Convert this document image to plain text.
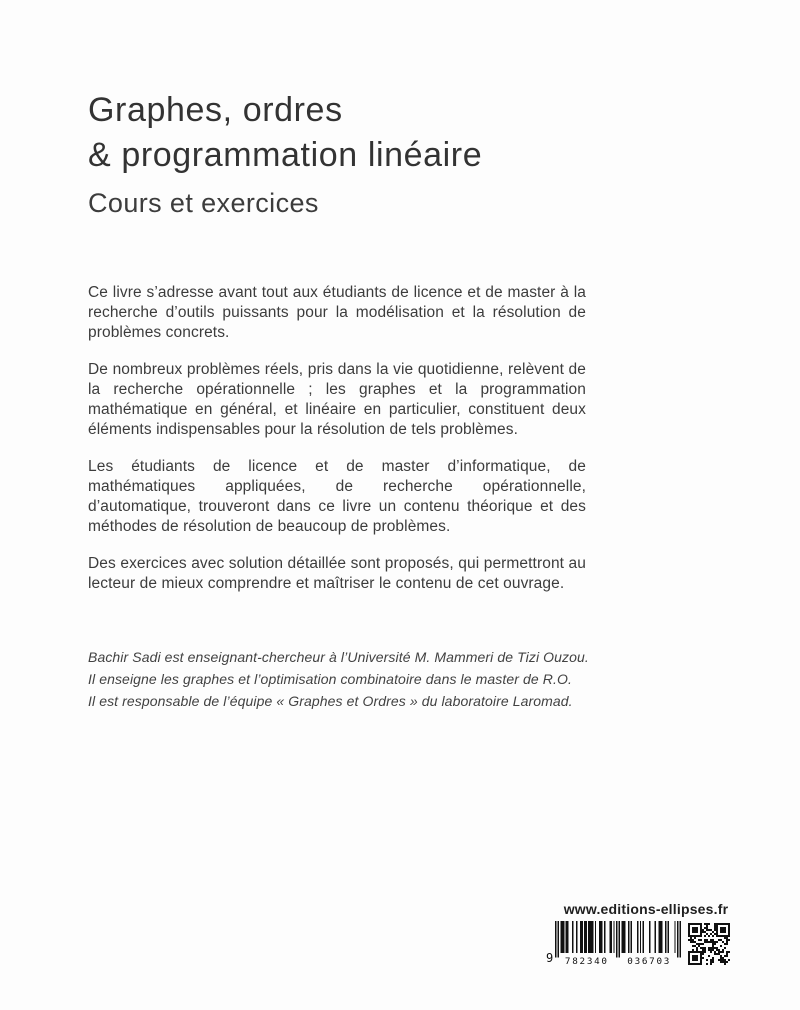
Graphes, ordres
& programmation linéaire
Cours et exercices

Ce livre s’adresse avant tout aux étudiants de licence et de master à la recherche d’outils puissants pour la modélisation et la résolution de problèmes concrets.

De nombreux problèmes réels, pris dans la vie quotidienne, relèvent de la recherche opérationnelle ; les graphes et la programmation mathématique en général, et linéaire en particulier, constituent deux éléments indispensables pour la résolution de tels problèmes.

Les étudiants de licence et de master d’informatique, de mathématiques appliquées, de recherche opérationnelle, d’automatique, trouveront dans ce livre un contenu théorique et des méthodes de résolution de beaucoup de problèmes.

Des exercices avec solution détaillée sont proposés, qui permettront au lecteur de mieux comprendre et maîtriser le contenu de cet ouvrage.

Bachir Sadi est enseignant-chercheur à l’Université M. Mammeri de Tizi Ouzou.
Il enseigne les graphes et l’optimisation combinatoire dans le master de R.O.
Il est responsable de l’équipe « Graphes et Ordres » du laboratoire Laromad.
www.editions-ellipses.fr
9 782340	036703
